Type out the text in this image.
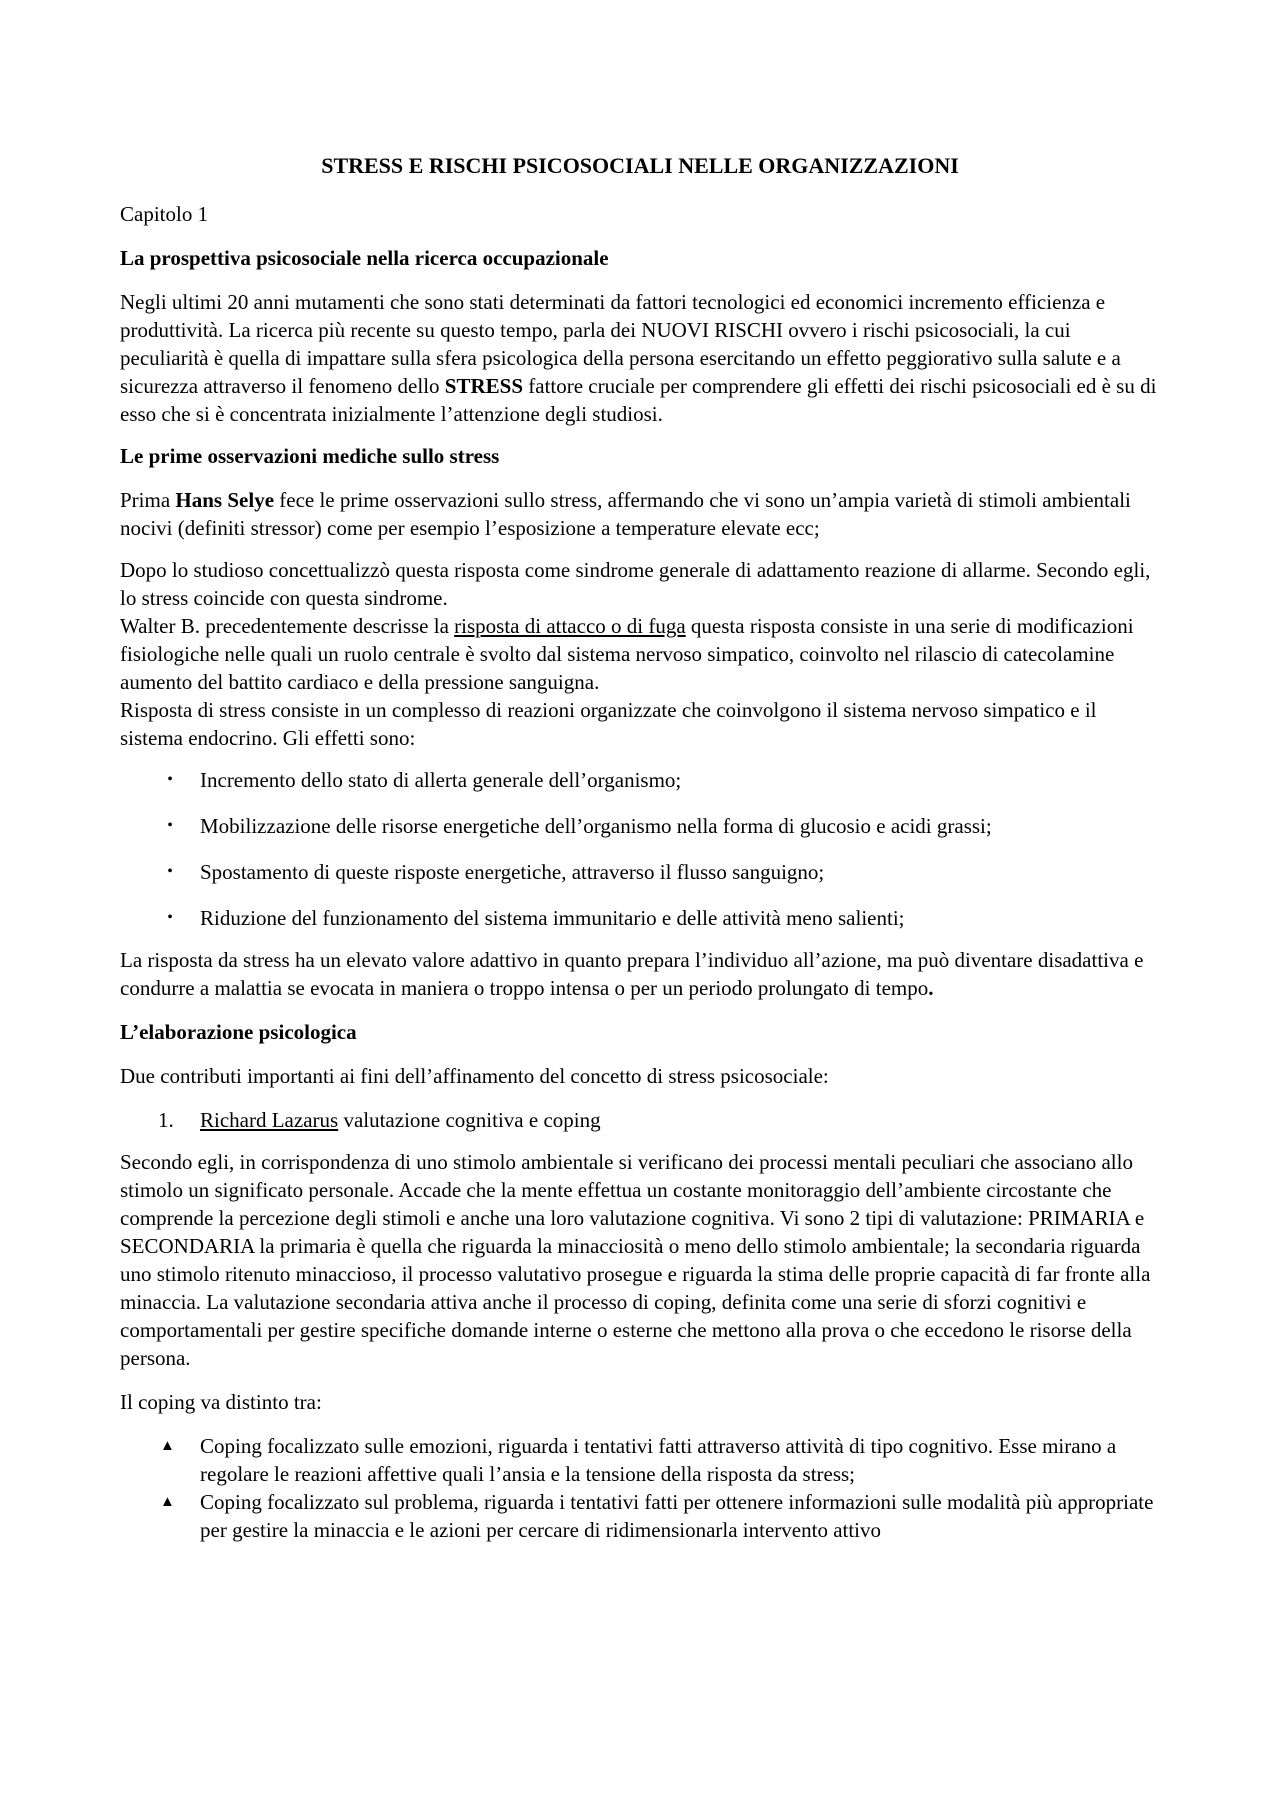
STRESS E RISCHI PSICOSOCIALI NELLE ORGANIZZAZIONI

Capitolo 1

La prospettiva psicosociale nella ricerca occupazionale

Negli ultimi 20 anni mutamenti che sono stati determinati da fattori tecnologici ed economici incremento efficienza e produttività. La ricerca più recente su questo tempo, parla dei NUOVI RISCHI ovvero i rischi psicosociali, la cui peculiarità è quella di impattare sulla sfera psicologica della persona esercitando un effetto peggiorativo sulla salute e a sicurezza attraverso il fenomeno dello STRESS fattore cruciale per comprendere gli effetti dei rischi psicosociali ed è su di esso che si è concentrata inizialmente l’attenzione degli studiosi.

Le prime osservazioni mediche sullo stress

Prima Hans Selye fece le prime osservazioni sullo stress, affermando che vi sono un’ampia varietà di stimoli ambientali nocivi (definiti stressor) come per esempio l’esposizione a temperature elevate ecc;

Dopo lo studioso concettualizzò questa risposta come sindrome generale di adattamento reazione di allarme. Secondo egli, lo stress coincide con questa sindrome.

Walter B. precedentemente descrisse la risposta di attacco o di fuga questa risposta consiste in una serie di modificazioni fisiologiche nelle quali un ruolo centrale è svolto dal sistema nervoso simpatico, coinvolto nel rilascio di catecolamine aumento del battito cardiaco e della pressione sanguigna.

Risposta di stress consiste in un complesso di reazioni organizzate che coinvolgono il sistema nervoso simpatico e il sistema endocrino. Gli effetti sono:

•	Incremento dello stato di allerta generale dell’organismo;
•	Mobilizzazione delle risorse energetiche dell’organismo nella forma di glucosio e acidi grassi;
•	Spostamento di queste risposte energetiche, attraverso il flusso sanguigno;
•	Riduzione del funzionamento del sistema immunitario e delle attività meno salienti;

La risposta da stress ha un elevato valore adattivo in quanto prepara l’individuo all’azione, ma può diventare disadattiva e condurre a malattia se evocata in maniera o troppo intensa o per un periodo prolungato di tempo.

L’elaborazione psicologica

Due contributi importanti ai fini dell’affinamento del concetto di stress psicosociale:

1. Richard Lazarus valutazione cognitiva e coping

Secondo egli, in corrispondenza di uno stimolo ambientale si verificano dei processi mentali peculiari che associano allo stimolo un significato personale. Accade che la mente effettua un costante monitoraggio dell’ambiente circostante che comprende la percezione degli stimoli e anche una loro valutazione cognitiva. Vi sono 2 tipi di valutazione: PRIMARIA e SECONDARIA la primaria è quella che riguarda la minacciosità o meno dello stimolo ambientale; la secondaria riguarda uno stimolo ritenuto minaccioso, il processo valutativo prosegue e riguarda la stima delle proprie capacità di far fronte alla minaccia. La valutazione secondaria attiva anche il processo di coping, definita come una serie di sforzi cognitivi e comportamentali per gestire specifiche domande interne o esterne che mettono alla prova o che eccedono le risorse della persona.

Il coping va distinto tra:

▲ Coping focalizzato sulle emozioni, riguarda i tentativi fatti attraverso attività di tipo cognitivo. Esse mirano a regolare le reazioni affettive quali l’ansia e la tensione della risposta da stress;
▲ Coping focalizzato sul problema, riguarda i tentativi fatti per ottenere informazioni sulle modalità più appropriate per gestire la minaccia e le azioni per cercare di ridimensionarla intervento attivo
